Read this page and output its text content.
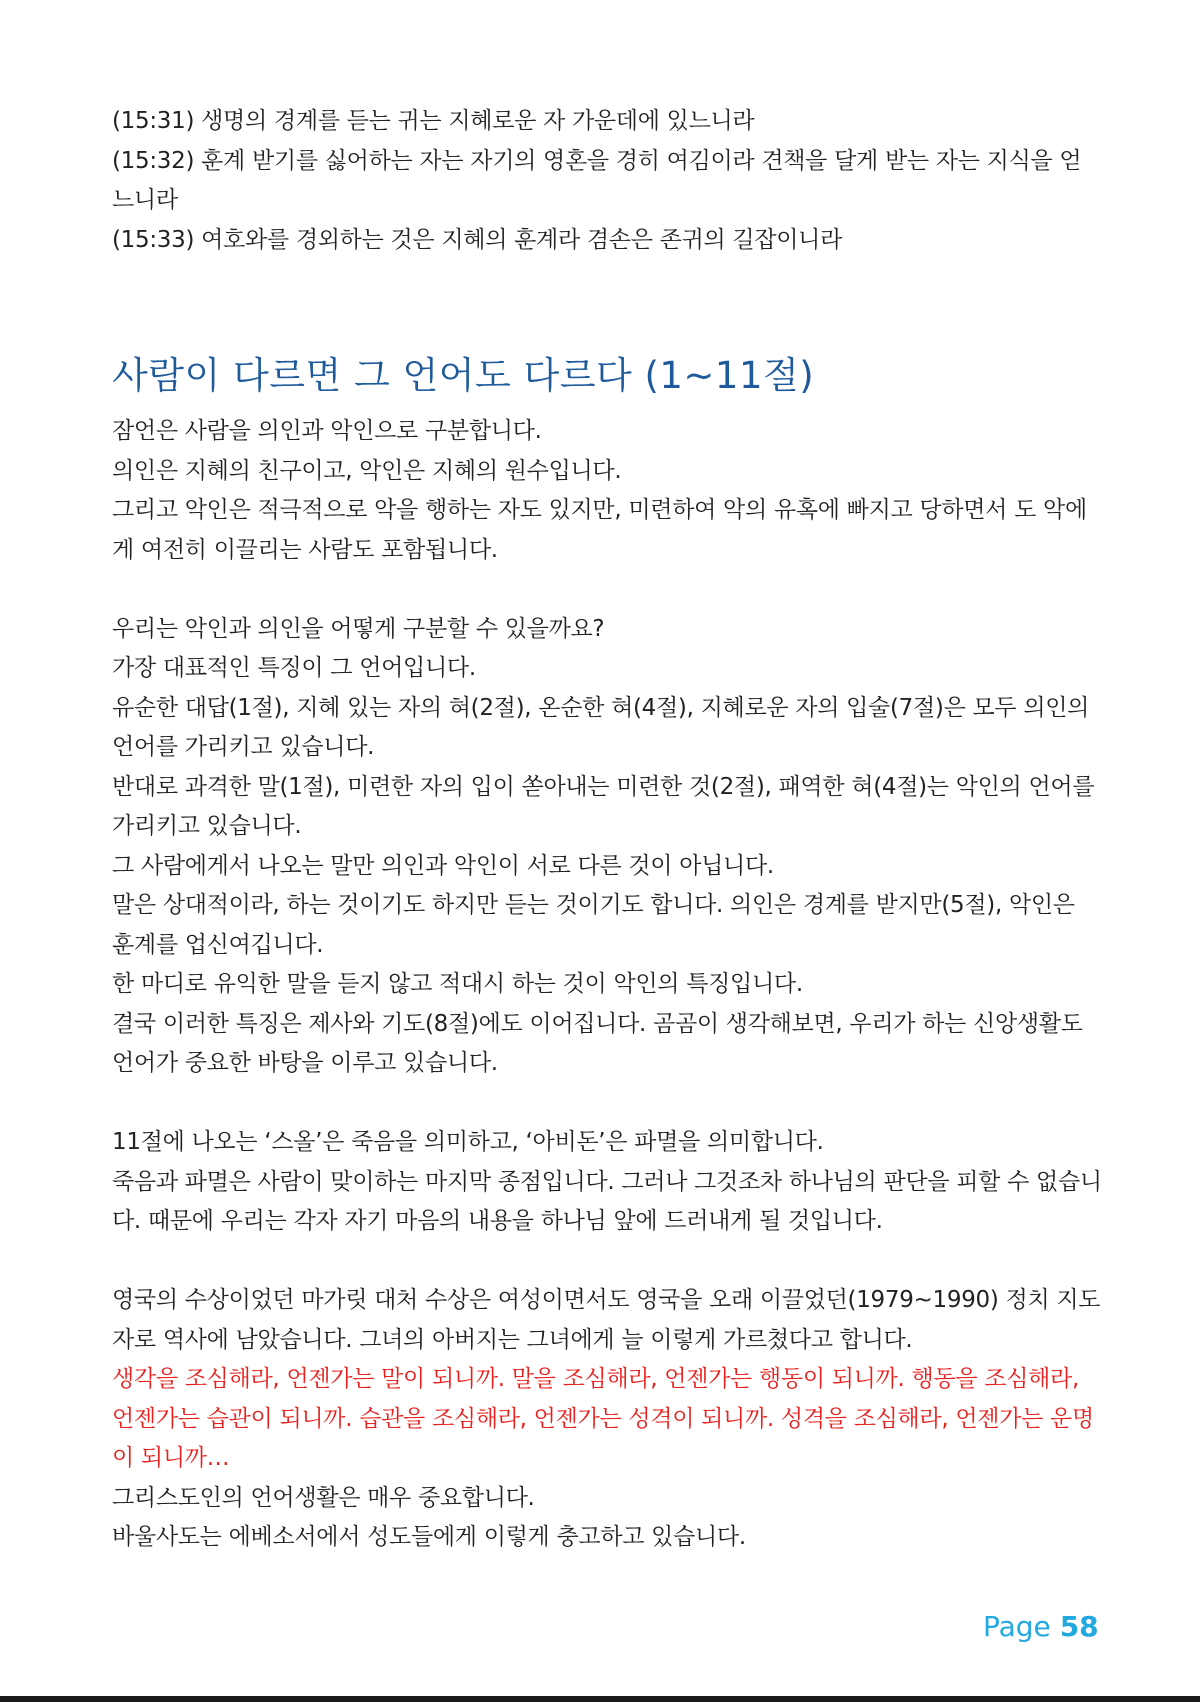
(15:31) 생명의 경계를 듣는 귀는 지혜로운 자 가운데에 있느니라

(15:32) 훈계 받기를 싫어하는 자는 자기의 영혼을 경히 여김이라 견책을 달게 받는 자는 지식을 얻느니라

(15:33) 여호와를 경외하는 것은 지혜의 훈계라 겸손은 존귀의 길잡이니라

사람이 다르면 그 언어도 다르다 (1~11절)

잠언은 사람을 의인과 악인으로 구분합니다.

의인은 지혜의 친구이고, 악인은 지혜의 원수입니다.

그리고 악인은 적극적으로 악을 행하는 자도 있지만, 미련하여 악의 유혹에 빠지고 당하면서 도 악에게 여전히 이끌리는 사람도 포함됩니다.

우리는 악인과 의인을 어떻게 구분할 수 있을까요?

가장 대표적인 특징이 그 언어입니다.

유순한 대답(1절), 지혜 있는 자의 혀(2절), 온순한 혀(4절), 지혜로운 자의 입술(7절)은 모두 의인의 언어를 가리키고 있습니다.

반대로 과격한 말(1절), 미련한 자의 입이 쏟아내는 미련한 것(2절), 패역한 혀(4절)는 악인의 언어를 가리키고 있습니다.

그 사람에게서 나오는 말만 의인과 악인이 서로 다른 것이 아닙니다.

말은 상대적이라, 하는 것이기도 하지만 듣는 것이기도 합니다. 의인은 경계를 받지만(5절), 악인은 훈계를 업신여깁니다.

한 마디로 유익한 말을 듣지 않고 적대시 하는 것이 악인의 특징입니다.

결국 이러한 특징은 제사와 기도(8절)에도 이어집니다. 곰곰이 생각해보면, 우리가 하는 신앙생활도 언어가 중요한 바탕을 이루고 있습니다.

11절에 나오는 ‘스올’은 죽음을 의미하고, ‘아비돈’은 파멸을 의미합니다.

죽음과 파멸은 사람이 맞이하는 마지막 종점입니다. 그러나 그것조차 하나님의 판단을 피할 수 없습니다. 때문에 우리는 각자 자기 마음의 내용을 하나님 앞에 드러내게 될 것입니다.

영국의 수상이었던 마가릿 대처 수상은 여성이면서도 영국을 오래 이끌었던(1979~1990) 정치 지도자로 역사에 남았습니다. 그녀의 아버지는 그녀에게 늘 이렇게 가르쳤다고 합니다.

생각을 조심해라, 언젠가는 말이 되니까. 말을 조심해라, 언젠가는 행동이 되니까. 행동을 조심해라, 언젠가는 습관이 되니까. 습관을 조심해라, 언젠가는 성격이 되니까. 성격을 조심해라, 언젠가는 운명이 되니까…

그리스도인의 언어생활은 매우 중요합니다.

바울사도는 에베소서에서 성도들에게 이렇게 충고하고 있습니다.

Page 58
